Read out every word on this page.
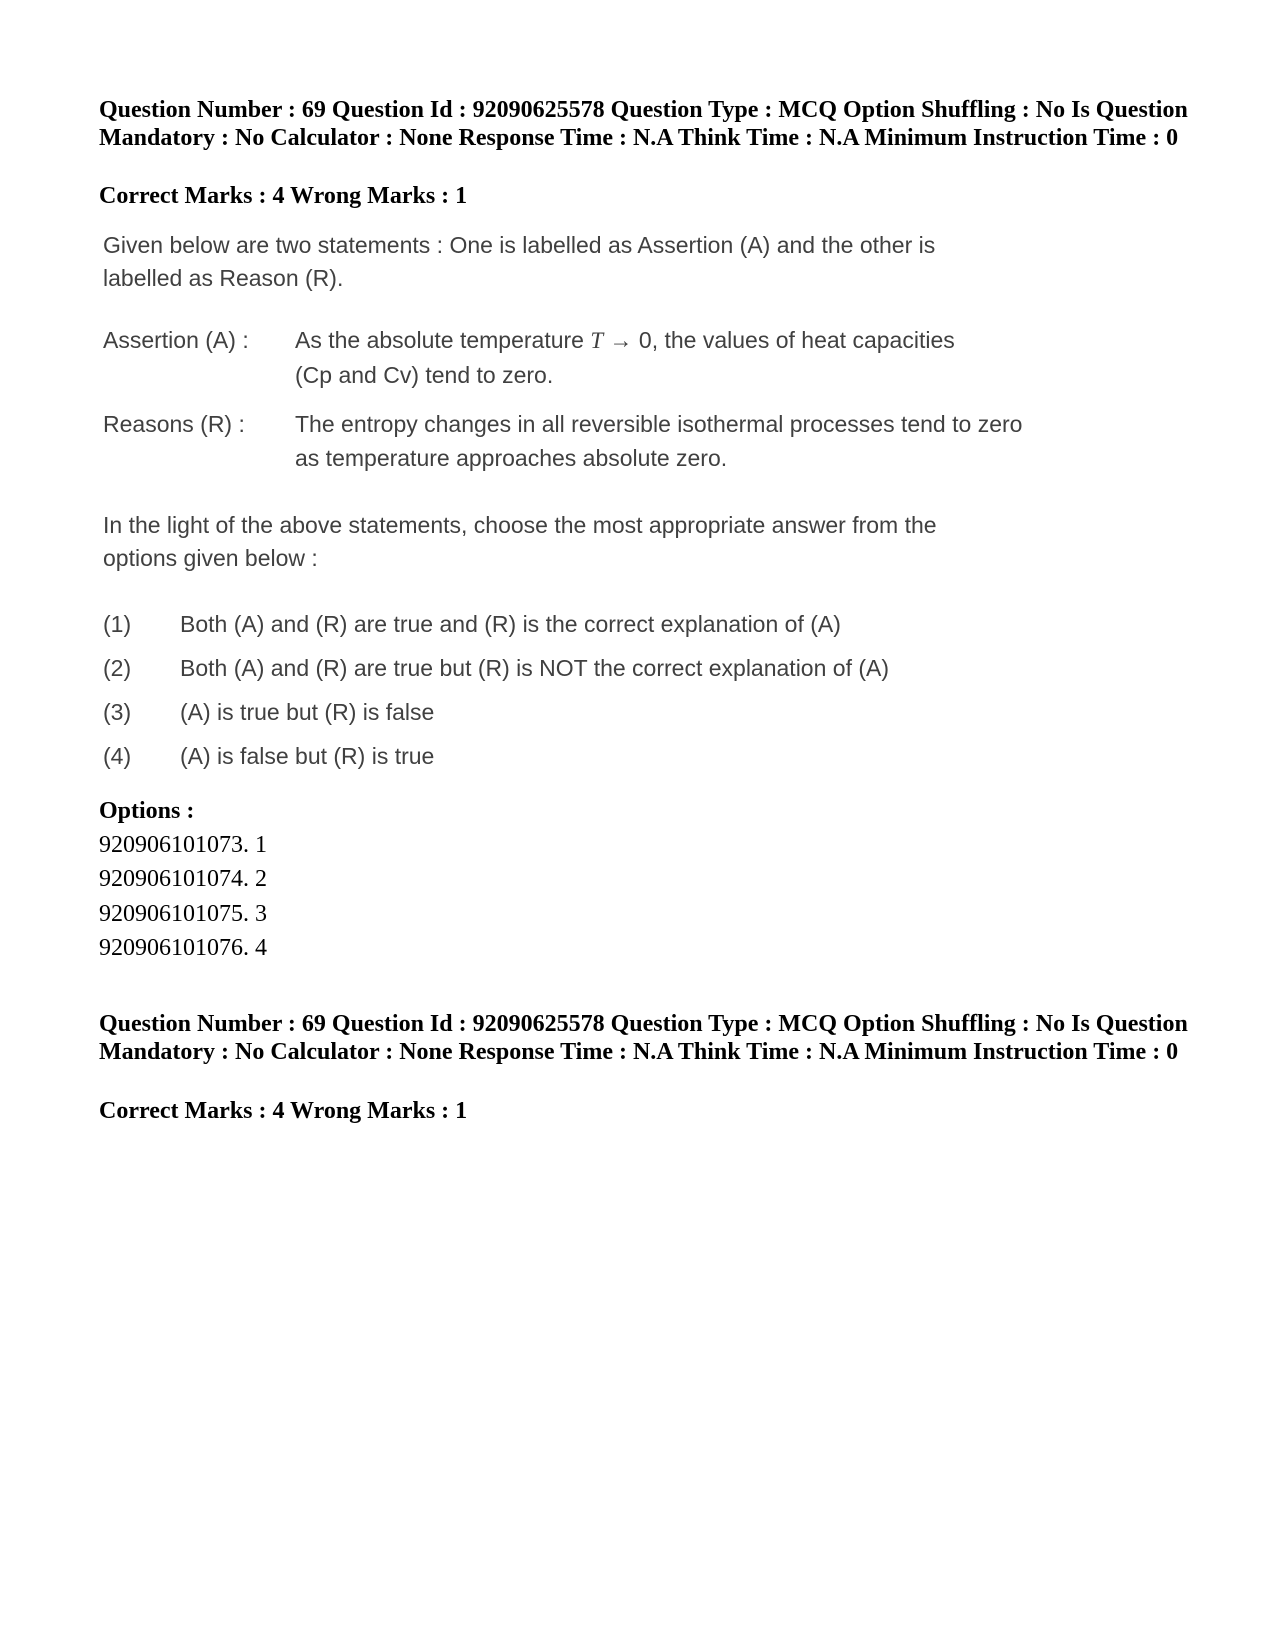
Question Number : 69 Question Id : 92090625578 Question Type : MCQ Option Shuffling : No Is Question Mandatory : No Calculator : None Response Time : N.A Think Time : N.A Minimum Instruction Time : 0

Correct Marks : 4 Wrong Marks : 1

Given below are two statements : One is labelled as Assertion (A) and the other is
labelled as Reason (R).
Assertion (A) : As the absolute temperature T → 0, the values of heat capacities
(Cp and Cv) tend to zero.
Reasons (R) : The entropy changes in all reversible isothermal processes tend to zero
as temperature approaches absolute zero.
In the light of the above statements, choose the most appropriate answer from the
options given below :
(1) Both (A) and (R) are true and (R) is the correct explanation of (A)
(2) Both (A) and (R) are true but (R) is NOT the correct explanation of (A)
(3) (A) is true but (R) is false
(4) (A) is false but (R) is true
Options :
920906101073. 1
920906101074. 2
920906101075. 3
920906101076. 4

Question Number : 69 Question Id : 92090625578 Question Type : MCQ Option Shuffling : No Is Question Mandatory : No Calculator : None Response Time : N.A Think Time : N.A Minimum Instruction Time : 0

Correct Marks : 4 Wrong Marks : 1
